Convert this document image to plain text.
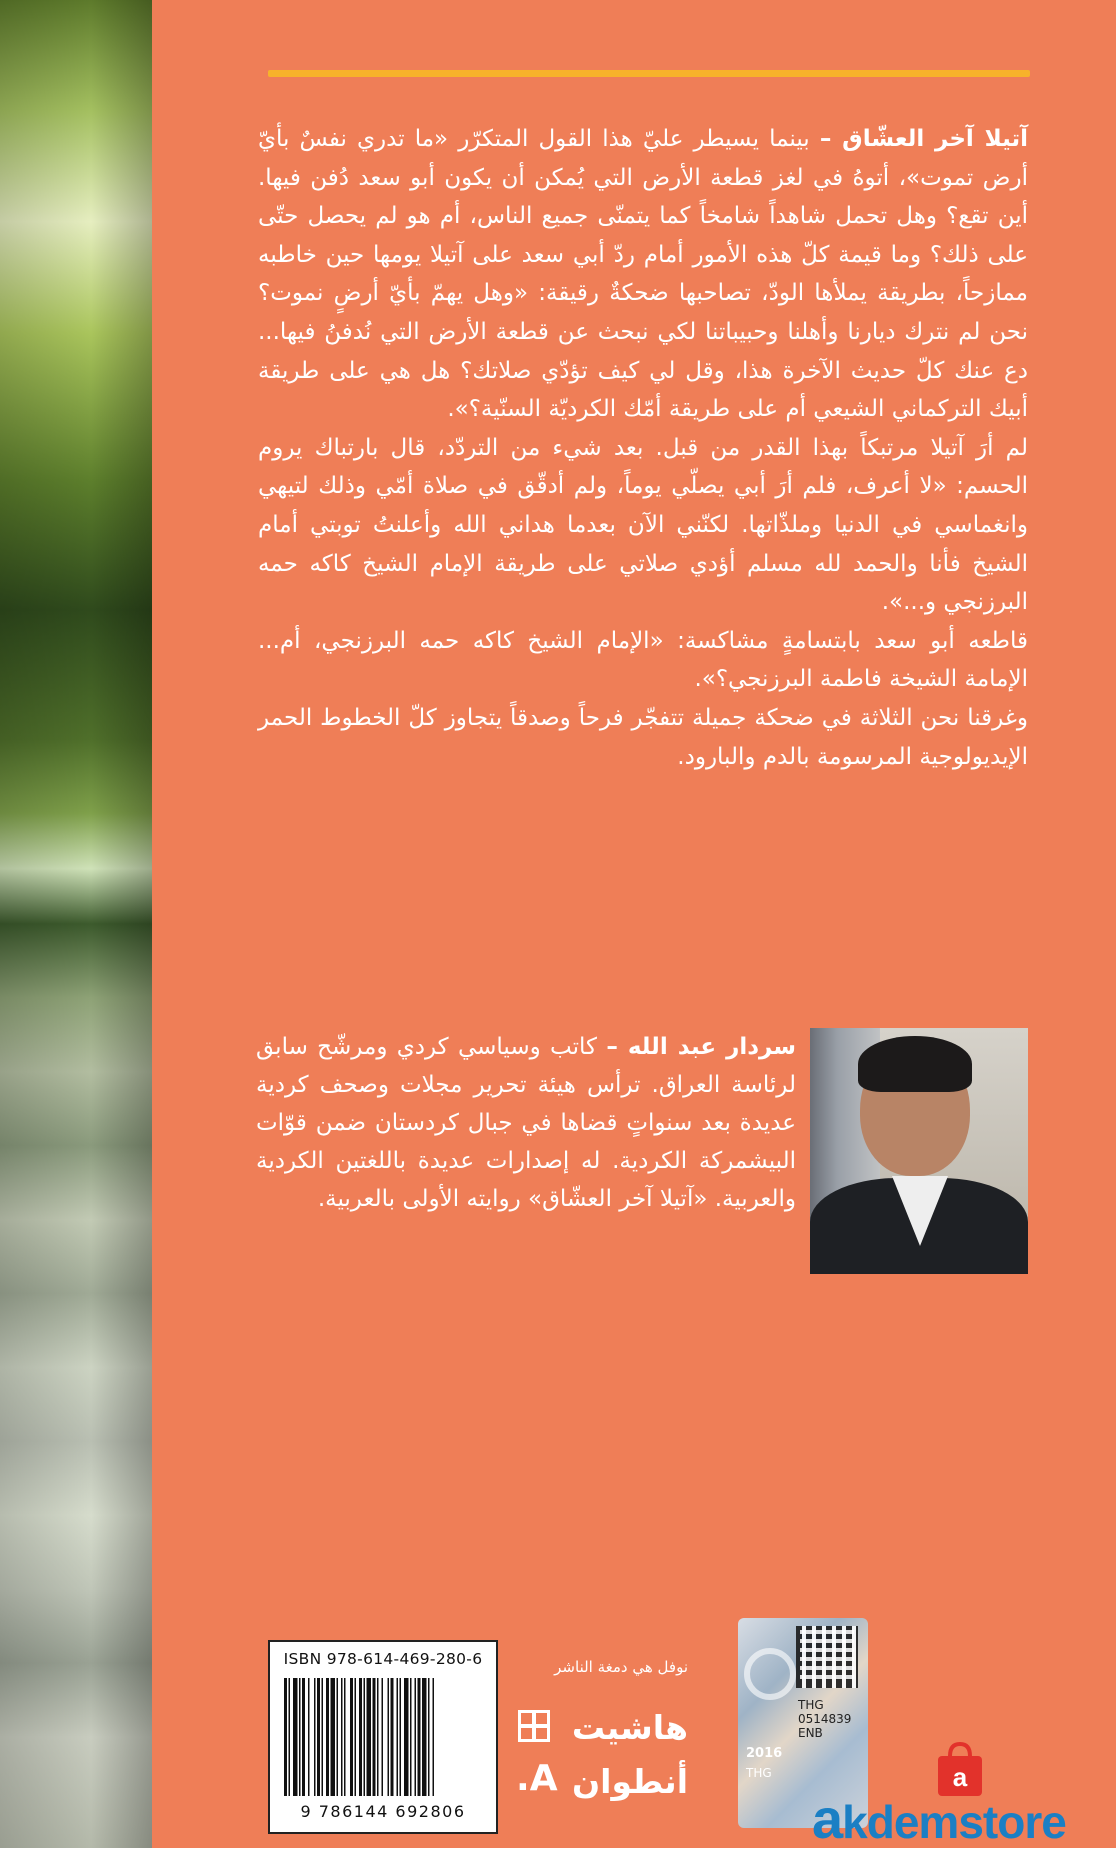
آتيلا آخر العشّاق – بينما يسيطر عليّ هذا القول المتكرّر «ما تدري نفسٌ بأيّ أرض تموت»، أتوهُ في لغز قطعة الأرض التي يُمكن أن يكون أبو سعد دُفن فيها. أين تقع؟ وهل تحمل شاهداً شامخاً كما يتمنّى جميع الناس، أم هو لم يحصل حتّى على ذلك؟ وما قيمة كلّ هذه الأمور أمام ردّ أبي سعد على آتيلا يومها حين خاطبه ممازحاً، بطريقة يملأها الودّ، تصاحبها ضحكةٌ رقيقة: «وهل يهمّ بأيّ أرضٍ نموت؟ نحن لم نترك ديارنا وأهلنا وحبيباتنا لكي نبحث عن قطعة الأرض التي نُدفنُ فيها... دع عنك كلّ حديث الآخرة هذا، وقل لي كيف تؤدّي صلاتك؟ هل هي على طريقة أبيك التركماني الشيعي أم على طريقة أمّك الكرديّة السنّية؟».

لم أرَ آتيلا مرتبكاً بهذا القدر من قبل. بعد شيء من التردّد، قال بارتباك يروم الحسم: «لا أعرف، فلم أرَ أبي يصلّي يوماً، ولم أدقّق في صلاة أمّي وذلك لتيهي وانغماسي في الدنيا وملذّاتها. لكنّني الآن بعدما هداني الله وأعلنتُ توبتي أمام الشيخ فأنا والحمد لله مسلم أؤدي صلاتي على طريقة الإمام الشيخ كاكه حمه البرزنجي و...».

قاطعه أبو سعد بابتسامةٍ مشاكسة: «الإمام الشيخ كاكه حمه البرزنجي، أم... الإمامة الشيخة فاطمة البرزنجي؟».

وغرقنا نحن الثلاثة في ضحكة جميلة تتفجّر فرحاً وصدقاً يتجاوز كلّ الخطوط الحمر الإيديولوجية المرسومة بالدم والبارود.

سردار عبد الله – كاتب وسياسي كردي ومرشّح سابق لرئاسة العراق. ترأس هيئة تحرير مجلات وصحف كردية عديدة بعد سنواتٍ قضاها في جبال كردستان ضمن قوّات البيشمركة الكردية. له إصدارات عديدة باللغتين الكردية والعربية. «آتيلا آخر العشّاق» روايته الأولى بالعربية.

ISBN 978-614-469-280-6
9 786144 692806
نوفل هي دمغة الناشر
هاشيت
A. أنطوان
THG
0514839
ENB
2016
THG	a
akdemstore
